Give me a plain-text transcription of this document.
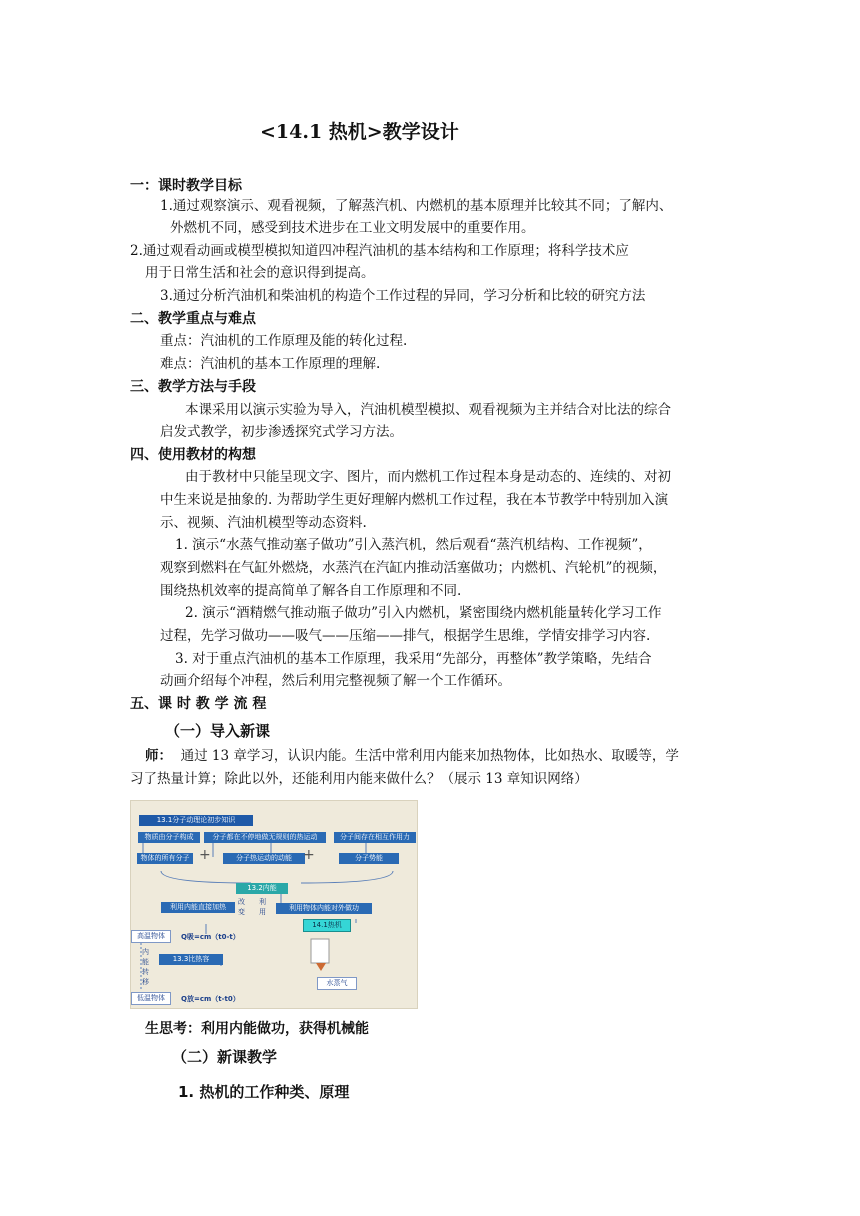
<14.1 热机>教学设计
一：课时教学目标
1.通过观察演示、观看视频，了解蒸汽机、内燃机的基本原理并比较其不同；了解内、
外燃机不同，感受到技术进步在工业文明发展中的重要作用。
2.通过观看动画或模型模拟知道四冲程汽油机的基本结构和工作原理；将科学技术应
用于日常生活和社会的意识得到提高。
3.通过分析汽油机和柴油机的构造个工作过程的异同，学习分析和比较的研究方法
二、教学重点与难点
重点：汽油机的工作原理及能的转化过程.
难点：汽油机的基本工作原理的理解.
三、教学方法与手段
本课采用以演示实验为导入，汽油机模型模拟、观看视频为主并结合对比法的综合
启发式教学，初步渗透探究式学习方法。
四、使用教材的构想
由于教材中只能呈现文字、图片，而内燃机工作过程本身是动态的、连续的、对初
中生来说是抽象的. 为帮助学生更好理解内燃机工作过程，我在本节教学中特别加入演
示、视频、汽油机模型等动态资料.
1. 演示“水蒸气推动塞子做功”引入蒸汽机，然后观看“蒸汽机结构、工作视频”，
观察到燃料在气缸外燃烧，水蒸汽在汽缸内推动活塞做功；内燃机、汽轮机”的视频，
围绕热机效率的提高简单了解各自工作原理和不同.
2. 演示“酒精燃气推动瓶子做功”引入内燃机，紧密围绕内燃机能量转化学习工作
过程，先学习做功——吸气——压缩——排气，根据学生思维，学情安排学习内容.
3. 对于重点汽油机的基本工作原理，我采用“先部分，再整体”教学策略，先结合
动画介绍每个冲程，然后利用完整视频了解一个工作循环。
五、课 时 教 学 流 程
（一）导入新课
师： 通过 13 章学习，认识内能。生活中常利用内能来加热物体，比如热水、取暖等，学
习了热量计算；除此以外，还能利用内能来做什么？（展示 13 章知识网络）
13.1分子动理论初步知识
物质由分子构成	分子都在不停地做无规则的热运动	分子间存在相互作用力
物体的所有分子 +	分子热运动的动能 +	分子势能
13.2内能
利用内能直接加热
改
变
利
用	利用物体内能对外做功
14.1热机
高温物体	Q吸=cm（t0-t）
内
能
转
移
13.3比热容
水蒸气
低温物体	Q放=cm（t-t0）
生思考：利用内能做功，获得机械能
（二）新课教学
1. 热机的工作种类、原理
